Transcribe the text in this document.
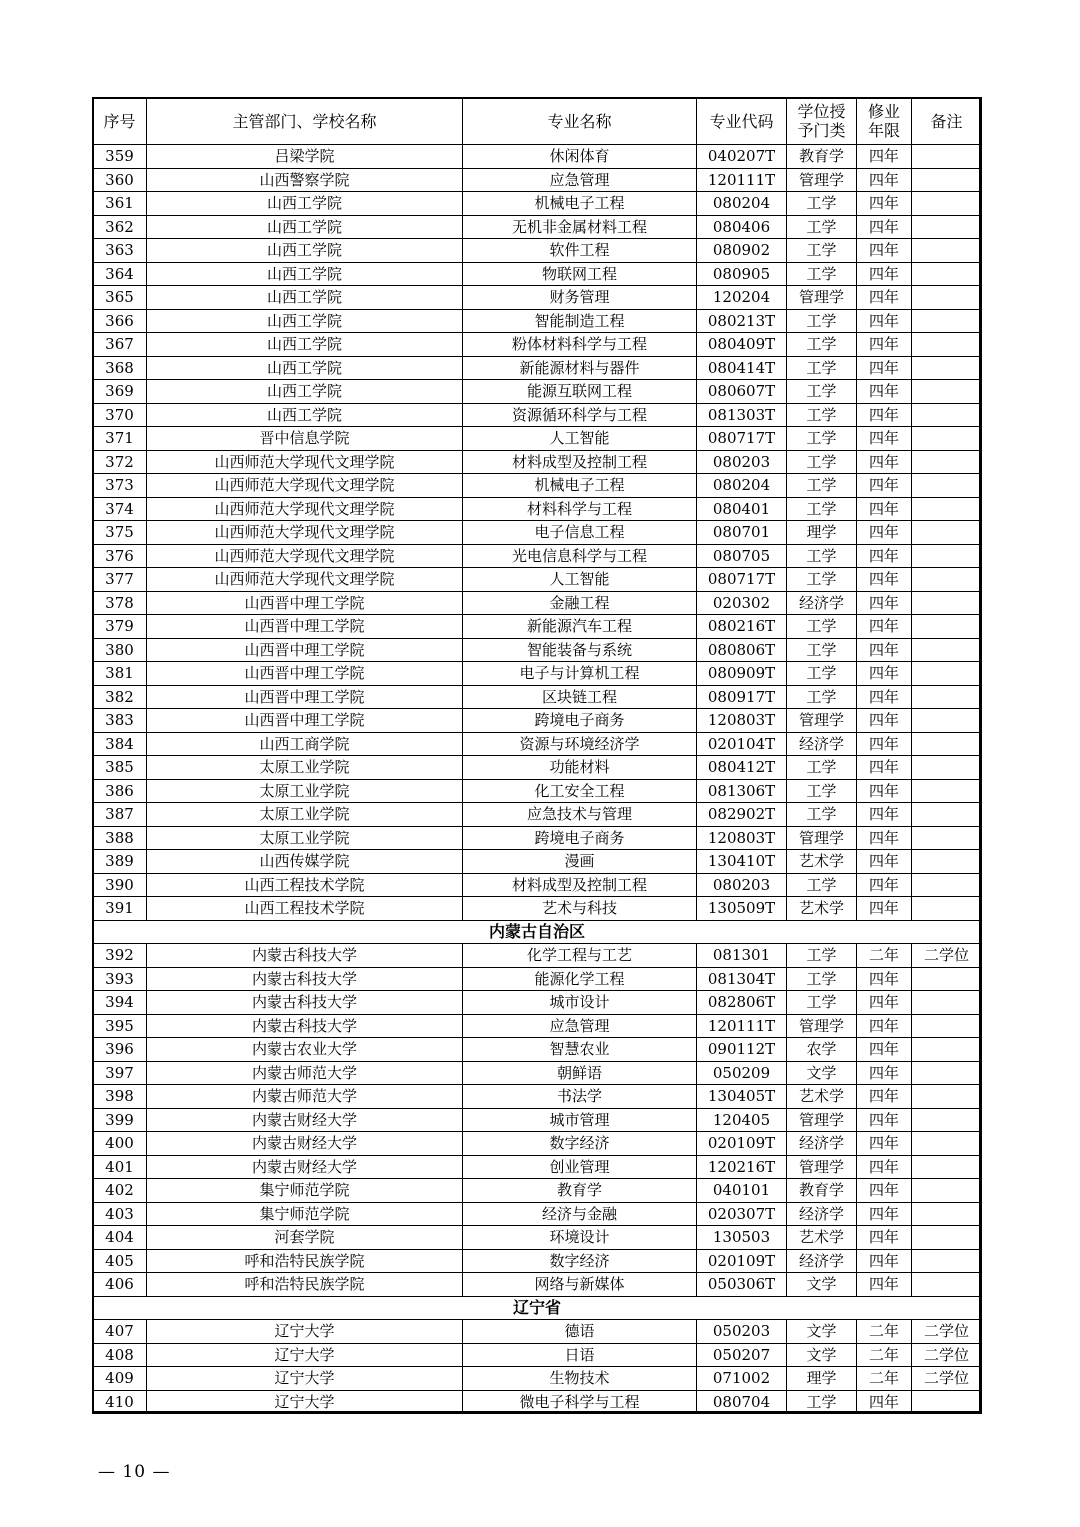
序号	主管部门、学校名称	专业名称	专业代码	学位授予门类	修业年限	备注
359	吕梁学院	休闲体育	040207T	教育学	四年	
360	山西警察学院	应急管理	120111T	管理学	四年	
361	山西工学院	机械电子工程	080204	工学	四年	
362	山西工学院	无机非金属材料工程	080406	工学	四年	
363	山西工学院	软件工程	080902	工学	四年	
364	山西工学院	物联网工程	080905	工学	四年	
365	山西工学院	财务管理	120204	管理学	四年	
366	山西工学院	智能制造工程	080213T	工学	四年	
367	山西工学院	粉体材料科学与工程	080409T	工学	四年	
368	山西工学院	新能源材料与器件	080414T	工学	四年	
369	山西工学院	能源互联网工程	080607T	工学	四年	
370	山西工学院	资源循环科学与工程	081303T	工学	四年	
371	晋中信息学院	人工智能	080717T	工学	四年	
372	山西师范大学现代文理学院	材料成型及控制工程	080203	工学	四年	
373	山西师范大学现代文理学院	机械电子工程	080204	工学	四年	
374	山西师范大学现代文理学院	材料科学与工程	080401	工学	四年	
375	山西师范大学现代文理学院	电子信息工程	080701	理学	四年	
376	山西师范大学现代文理学院	光电信息科学与工程	080705	工学	四年	
377	山西师范大学现代文理学院	人工智能	080717T	工学	四年	
378	山西晋中理工学院	金融工程	020302	经济学	四年	
379	山西晋中理工学院	新能源汽车工程	080216T	工学	四年	
380	山西晋中理工学院	智能装备与系统	080806T	工学	四年	
381	山西晋中理工学院	电子与计算机工程	080909T	工学	四年	
382	山西晋中理工学院	区块链工程	080917T	工学	四年	
383	山西晋中理工学院	跨境电子商务	120803T	管理学	四年	
384	山西工商学院	资源与环境经济学	020104T	经济学	四年	
385	太原工业学院	功能材料	080412T	工学	四年	
386	太原工业学院	化工安全工程	081306T	工学	四年	
387	太原工业学院	应急技术与管理	082902T	工学	四年	
388	太原工业学院	跨境电子商务	120803T	管理学	四年	
389	山西传媒学院	漫画	130410T	艺术学	四年	
390	山西工程技术学院	材料成型及控制工程	080203	工学	四年	
391	山西工程技术学院	艺术与科技	130509T	艺术学	四年	
内蒙古自治区						
392	内蒙古科技大学	化学工程与工艺	081301	工学	二年	二学位
393	内蒙古科技大学	能源化学工程	081304T	工学	四年	
394	内蒙古科技大学	城市设计	082806T	工学	四年	
395	内蒙古科技大学	应急管理	120111T	管理学	四年	
396	内蒙古农业大学	智慧农业	090112T	农学	四年	
397	内蒙古师范大学	朝鲜语	050209	文学	四年	
398	内蒙古师范大学	书法学	130405T	艺术学	四年	
399	内蒙古财经大学	城市管理	120405	管理学	四年	
400	内蒙古财经大学	数字经济	020109T	经济学	四年	
401	内蒙古财经大学	创业管理	120216T	管理学	四年	
402	集宁师范学院	教育学	040101	教育学	四年	
403	集宁师范学院	经济与金融	020307T	经济学	四年	
404	河套学院	环境设计	130503	艺术学	四年	
405	呼和浩特民族学院	数字经济	020109T	经济学	四年	
406	呼和浩特民族学院	网络与新媒体	050306T	文学	四年	
辽宁省						
407	辽宁大学	德语	050203	文学	二年	二学位
408	辽宁大学	日语	050207	文学	二年	二学位
409	辽宁大学	生物技术	071002	理学	二年	二学位
410	辽宁大学	微电子科学与工程	080704	工学	四年	
— 10 —
